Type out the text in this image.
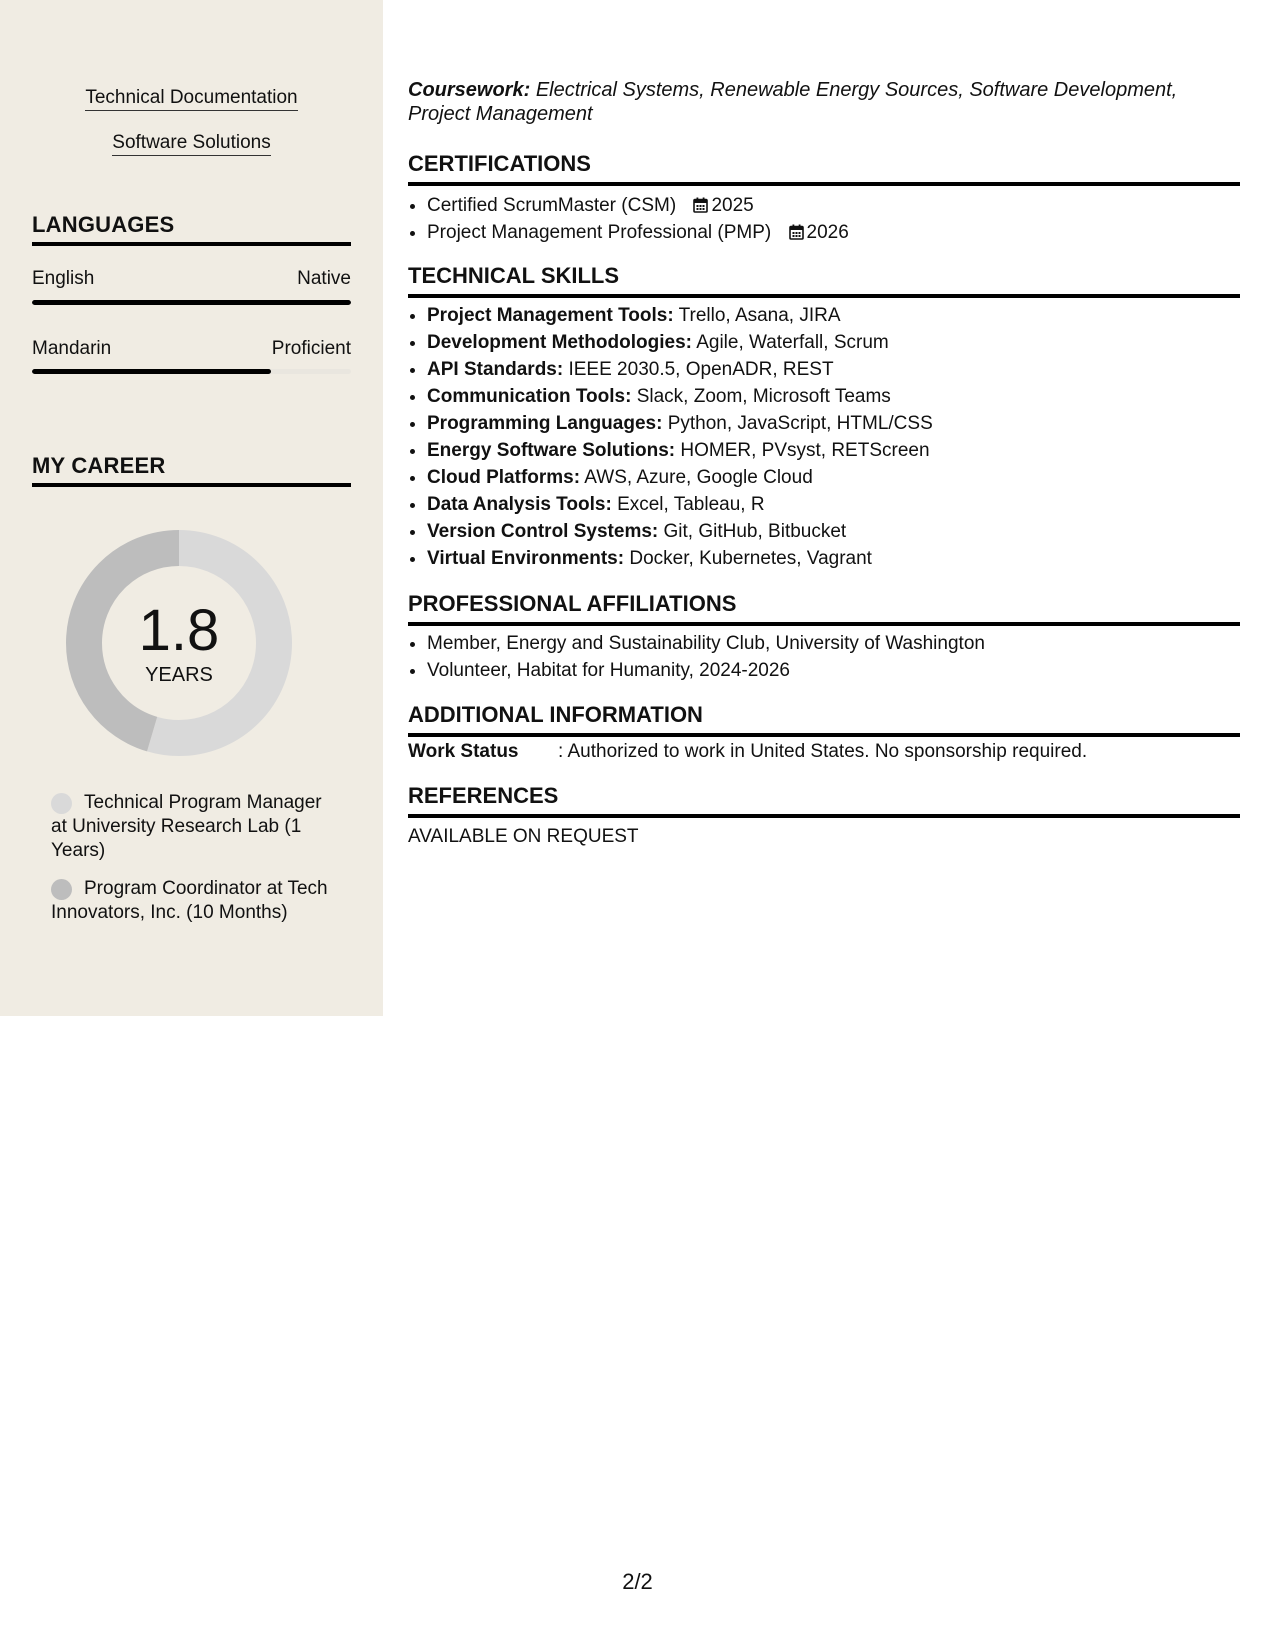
Technical Documentation
Software Solutions
LANGUAGES
English	Native
Mandarin	Proficient
MY CAREER
1.8
YEARS
Technical Program Manager at University Research Lab (1 Years)
Program Coordinator at Tech Innovators, Inc. (10 Months)
Coursework: Electrical Systems, Renewable Energy Sources, Software Development, Project Management
CERTIFICATIONS
• Certified ScrumMaster (CSM) 2025
• Project Management Professional (PMP) 2026
TECHNICAL SKILLS
• Project Management Tools: Trello, Asana, JIRA
• Development Methodologies: Agile, Waterfall, Scrum
• API Standards: IEEE 2030.5, OpenADR, REST
• Communication Tools: Slack, Zoom, Microsoft Teams
• Programming Languages: Python, JavaScript, HTML/CSS
• Energy Software Solutions: HOMER, PVsyst, RETScreen
• Cloud Platforms: AWS, Azure, Google Cloud
• Data Analysis Tools: Excel, Tableau, R
• Version Control Systems: Git, GitHub, Bitbucket
• Virtual Environments: Docker, Kubernetes, Vagrant
PROFESSIONAL AFFILIATIONS
• Member, Energy and Sustainability Club, University of Washington
• Volunteer, Habitat for Humanity, 2024-2026
ADDITIONAL INFORMATION
Work Status : Authorized to work in United States. No sponsorship required.
REFERENCES
AVAILABLE ON REQUEST
2/2
